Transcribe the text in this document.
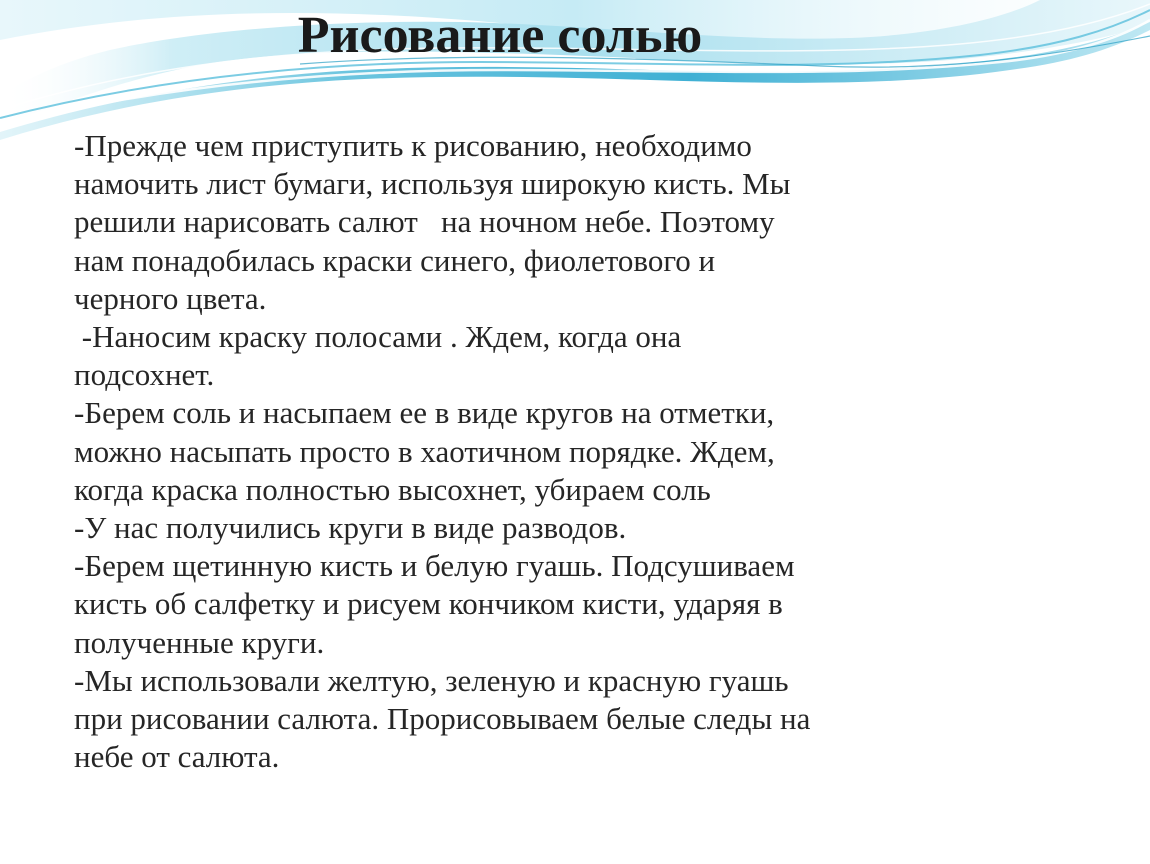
Рисование солью
-Прежде чем приступить к рисованию, необходимо
намочить лист бумаги, используя широкую кисть. Мы
решили нарисовать салют   на ночном небе. Поэтому
нам понадобилась краски синего, фиолетового и
черного цвета.
-Наносим краску полосами . Ждем, когда она
подсохнет.
-Берем соль и насыпаем ее в виде кругов на отметки,
можно насыпать просто в хаотичном порядке. Ждем,
когда краска полностью высохнет, убираем соль
-У нас получились круги в виде разводов.
-Берем щетинную кисть и белую гуашь. Подсушиваем
кисть об салфетку и рисуем кончиком кисти, ударяя в
полученные круги.
-Мы использовали желтую, зеленую и красную гуашь
при рисовании салюта. Прорисовываем белые следы на
небе от салюта.
